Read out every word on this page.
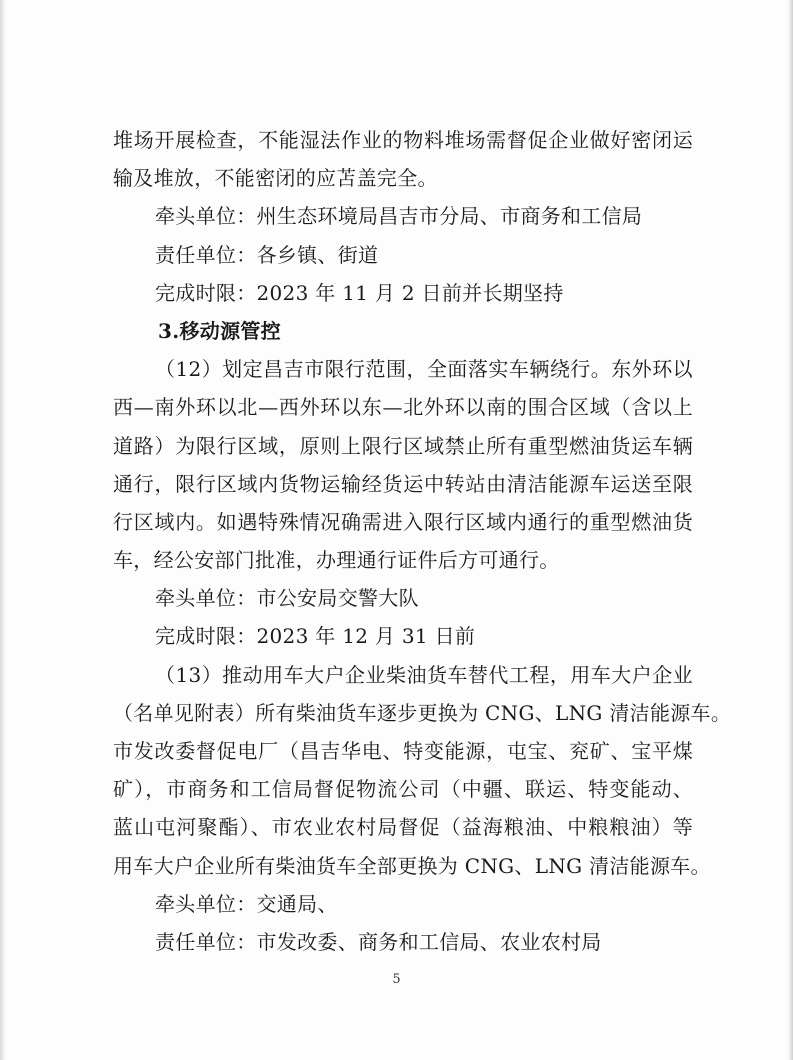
堆场开展检查，不能湿法作业的物料堆场需督促企业做好密闭运
输及堆放，不能密闭的应苫盖完全。
牵头单位：州生态环境局昌吉市分局、市商务和工信局
责任单位：各乡镇、街道
完成时限：2023 年 11 月 2 日前并长期坚持
3.移动源管控
（12）划定昌吉市限行范围，全面落实车辆绕行。东外环以
西—南外环以北—西外环以东—北外环以南的围合区域（含以上
道路）为限行区域，原则上限行区域禁止所有重型燃油货运车辆
通行，限行区域内货物运输经货运中转站由清洁能源车运送至限
行区域内。如遇特殊情况确需进入限行区域内通行的重型燃油货
车，经公安部门批准，办理通行证件后方可通行。
牵头单位：市公安局交警大队
完成时限：2023 年 12 月 31 日前
（13）推动用车大户企业柴油货车替代工程，用车大户企业
（名单见附表）所有柴油货车逐步更换为 CNG、LNG 清洁能源车。
市发改委督促电厂（昌吉华电、特变能源，屯宝、兖矿、宝平煤
矿），市商务和工信局督促物流公司（中疆、联运、特变能动、
蓝山屯河聚酯）、市农业农村局督促（益海粮油、中粮粮油）等
用车大户企业所有柴油货车全部更换为 CNG、LNG 清洁能源车。
牵头单位：交通局、
责任单位：市发改委、商务和工信局、农业农村局
5
